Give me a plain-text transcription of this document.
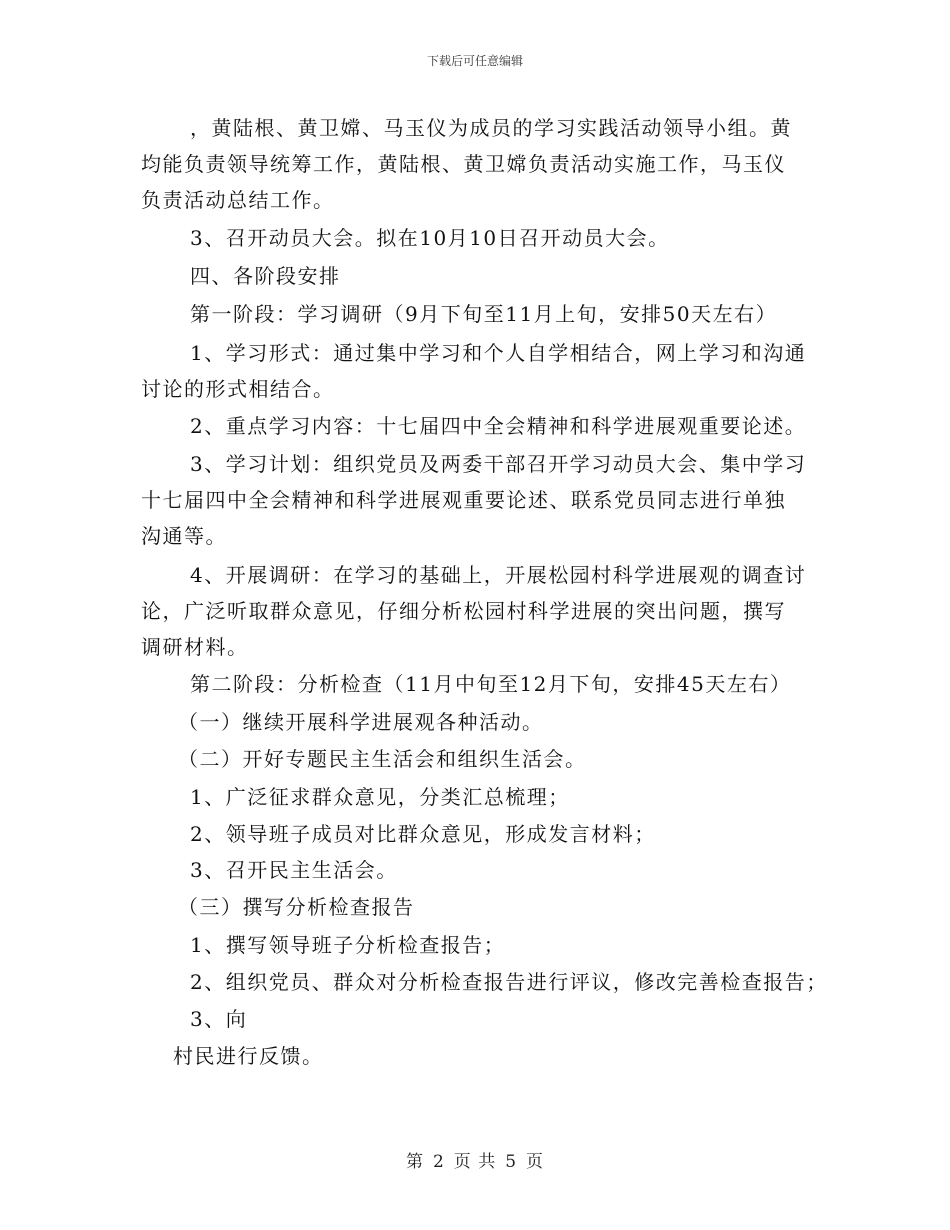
下载后可任意编辑
，黄陆根、黄卫嫦、马玉仪为成员的学习实践活动领导小组。黄
均能负责领导统筹工作，黄陆根、黄卫嫦负责活动实施工作，马玉仪
负责活动总结工作。
3、召开动员大会。拟在10月10日召开动员大会。
四、各阶段安排
第一阶段：学习调研（9月下旬至11月上旬，安排50天左右）
1、学习形式：通过集中学习和个人自学相结合，网上学习和沟通
讨论的形式相结合。
2、重点学习内容：十七届四中全会精神和科学进展观重要论述。
3、学习计划：组织党员及两委干部召开学习动员大会、集中学习
十七届四中全会精神和科学进展观重要论述、联系党员同志进行单独
沟通等。
4、开展调研：在学习的基础上，开展松园村科学进展观的调查讨
论，广泛听取群众意见，仔细分析松园村科学进展的突出问题，撰写
调研材料。
第二阶段：分析检查（11月中旬至12月下旬，安排45天左右）
（一）继续开展科学进展观各种活动。
（二）开好专题民主生活会和组织生活会。
1、广泛征求群众意见，分类汇总梳理；
2、领导班子成员对比群众意见，形成发言材料；
3、召开民主生活会。
（三）撰写分析检查报告
1、撰写领导班子分析检查报告；
2、组织党员、群众对分析检查报告进行评议，修改完善检查报告；
3、向
村民进行反馈。
第 2 页 共 5 页
